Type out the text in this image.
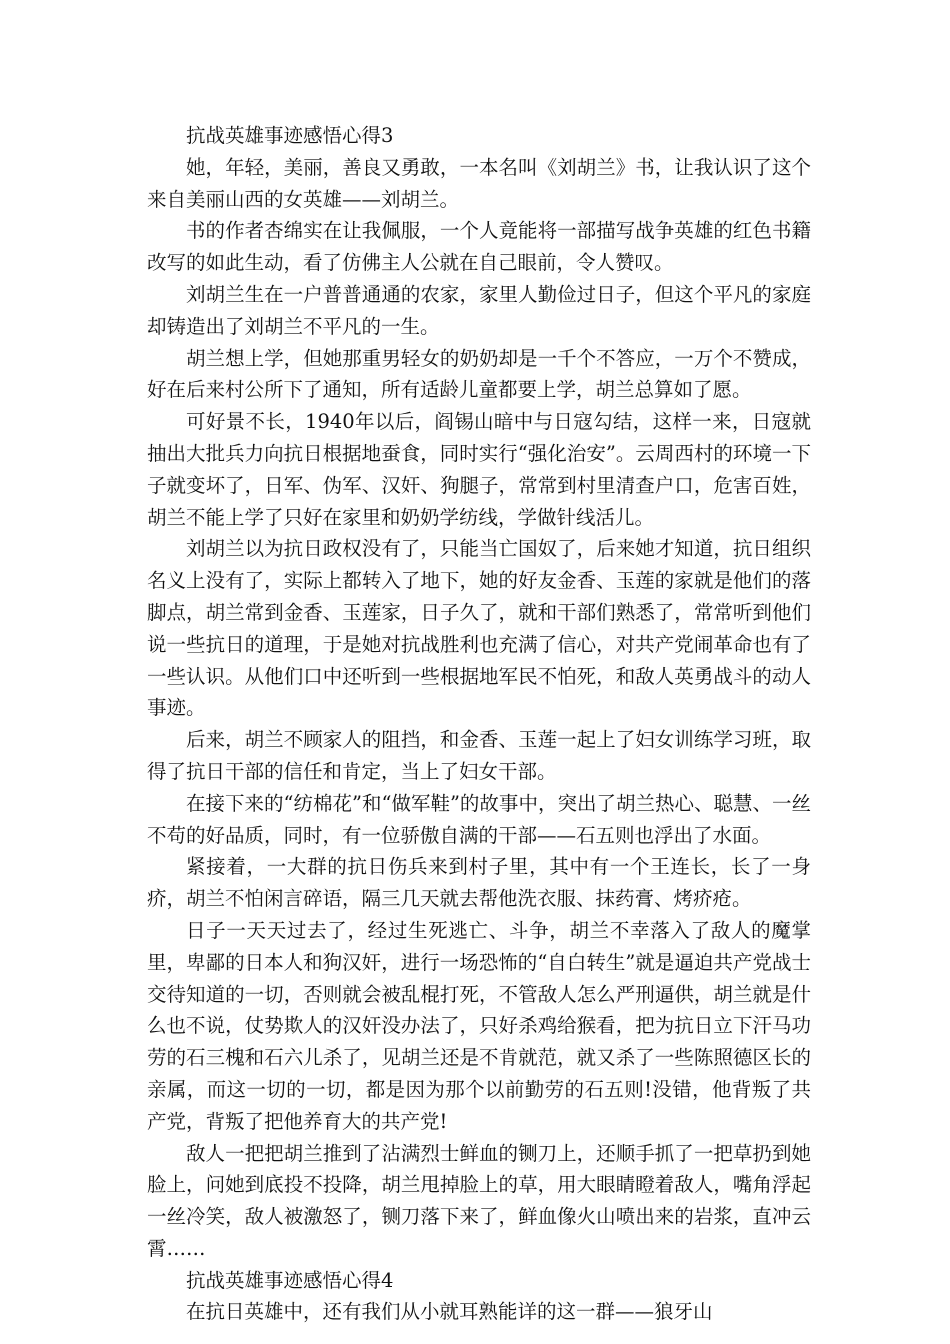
抗战英雄事迹感悟心得3

她，年轻，美丽，善良又勇敢，一本名叫《刘胡兰》书，让我认识了这个来自美丽山西的女英雄——刘胡兰。

书的作者杏绵实在让我佩服，一个人竟能将一部描写战争英雄的红色书籍改写的如此生动，看了仿佛主人公就在自己眼前，令人赞叹。

刘胡兰生在一户普普通通的农家，家里人勤俭过日子，但这个平凡的家庭却铸造出了刘胡兰不平凡的一生。

胡兰想上学，但她那重男轻女的奶奶却是一千个不答应，一万个不赞成，好在后来村公所下了通知，所有适龄儿童都要上学，胡兰总算如了愿。

可好景不长，1940年以后，阎锡山暗中与日寇勾结，这样一来，日寇就抽出大批兵力向抗日根据地蚕食，同时实行“强化治安”。云周西村的环境一下子就变坏了，日军、伪军、汉奸、狗腿子，常常到村里清查户口，危害百姓，胡兰不能上学了只好在家里和奶奶学纺线，学做针线活儿。

刘胡兰以为抗日政权没有了，只能当亡国奴了，后来她才知道，抗日组织名义上没有了，实际上都转入了地下，她的好友金香、玉莲的家就是他们的落脚点，胡兰常到金香、玉莲家，日子久了，就和干部们熟悉了，常常听到他们说一些抗日的道理，于是她对抗战胜利也充满了信心，对共产党闹革命也有了一些认识。从他们口中还听到一些根据地军民不怕死，和敌人英勇战斗的动人事迹。

后来，胡兰不顾家人的阻挡，和金香、玉莲一起上了妇女训练学习班，取得了抗日干部的信任和肯定，当上了妇女干部。

在接下来的“纺棉花”和“做军鞋”的故事中，突出了胡兰热心、聪慧、一丝不苟的好品质，同时，有一位骄傲自满的干部——石五则也浮出了水面。

紧接着，一大群的抗日伤兵来到村子里，其中有一个王连长，长了一身疥，胡兰不怕闲言碎语，隔三几天就去帮他洗衣服、抹药膏、烤疥疮。

日子一天天过去了，经过生死逃亡、斗争，胡兰不幸落入了敌人的魔掌里，卑鄙的日本人和狗汉奸，进行一场恐怖的“自白转生”就是逼迫共产党战士交待知道的一切，否则就会被乱棍打死，不管敌人怎么严刑逼供，胡兰就是什么也不说，仗势欺人的汉奸没办法了，只好杀鸡给猴看，把为抗日立下汗马功劳的石三槐和石六儿杀了，见胡兰还是不肯就范，就又杀了一些陈照德区长的亲属，而这一切的一切，都是因为那个以前勤劳的石五则!没错，他背叛了共产党，背叛了把他养育大的共产党!

敌人一把把胡兰推到了沾满烈士鲜血的铡刀上，还顺手抓了一把草扔到她脸上，问她到底投不投降，胡兰甩掉脸上的草，用大眼睛瞪着敌人，嘴角浮起一丝冷笑，敌人被激怒了，铡刀落下来了，鲜血像火山喷出来的岩浆，直冲云霄……

抗战英雄事迹感悟心得4

在抗日英雄中，还有我们从小就耳熟能详的这一群——狼牙山
